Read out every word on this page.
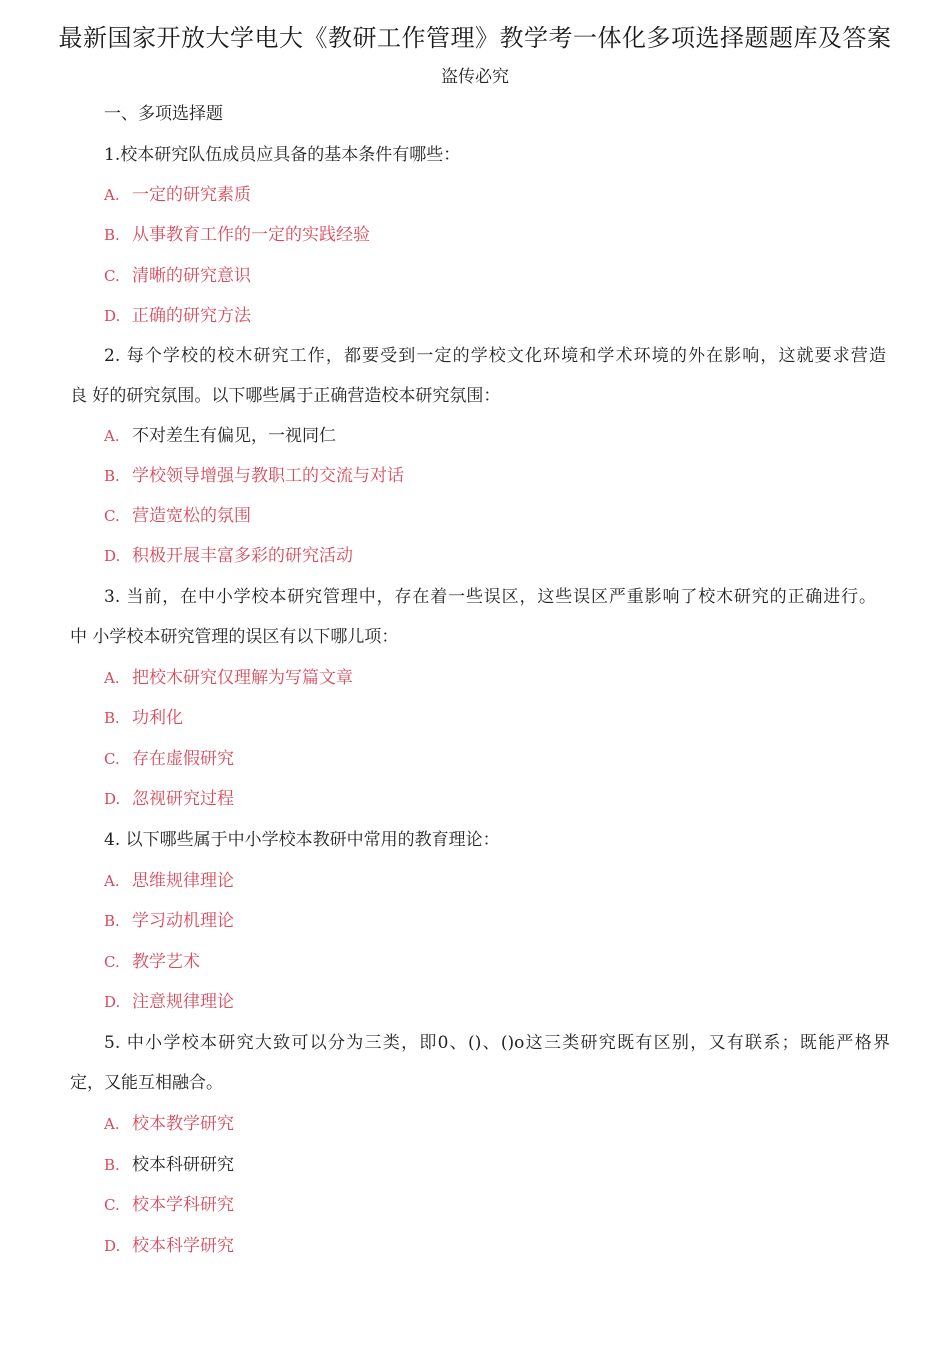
最新国家开放大学电大《教研工作管理》教学考一体化多项选择题题库及答案
盗传必究
一、多项选择题
1.校本研究队伍成员应具备的基本条件有哪些：
A. 一定的研究素质
B. 从事教育工作的一定的实践经验
C. 清晰的研究意识
D. 正确的研究方法
2. 每个学校的校木研究工作，都要受到一定的学校文化环境和学术环境的外在影响，这就要求营造
良 好的研究氛围。以下哪些属于正确营造校本研究氛围：
A. 不对差生有偏见，一视同仁
B. 学校领导增强与教职工的交流与对话
C. 营造宽松的氛围
D. 积极开展丰富多彩的研究活动
3. 当前，在中小学校本研究管理中，存在着一些误区，这些误区严重影响了校木研究的正确进行。
中 小学校本研究管理的误区有以下哪儿项：
A. 把校木研究仅理解为写篇文章
B. 功利化
C. 存在虚假研究
D. 忽视研究过程
4. 以下哪些属于中小学校本教研中常用的教育理论：
A. 思维规律理论
B. 学习动机理论
C. 教学艺术
D. 注意规律理论
5. 中小学校本研究大致可以分为三类，即0、()、()o这三类研究既有区别，又有联系；既能严格界
定，又能互相融合。
A. 校本教学研究
B. 校本科研研究
C. 校本学科研究
D. 校本科学研究
